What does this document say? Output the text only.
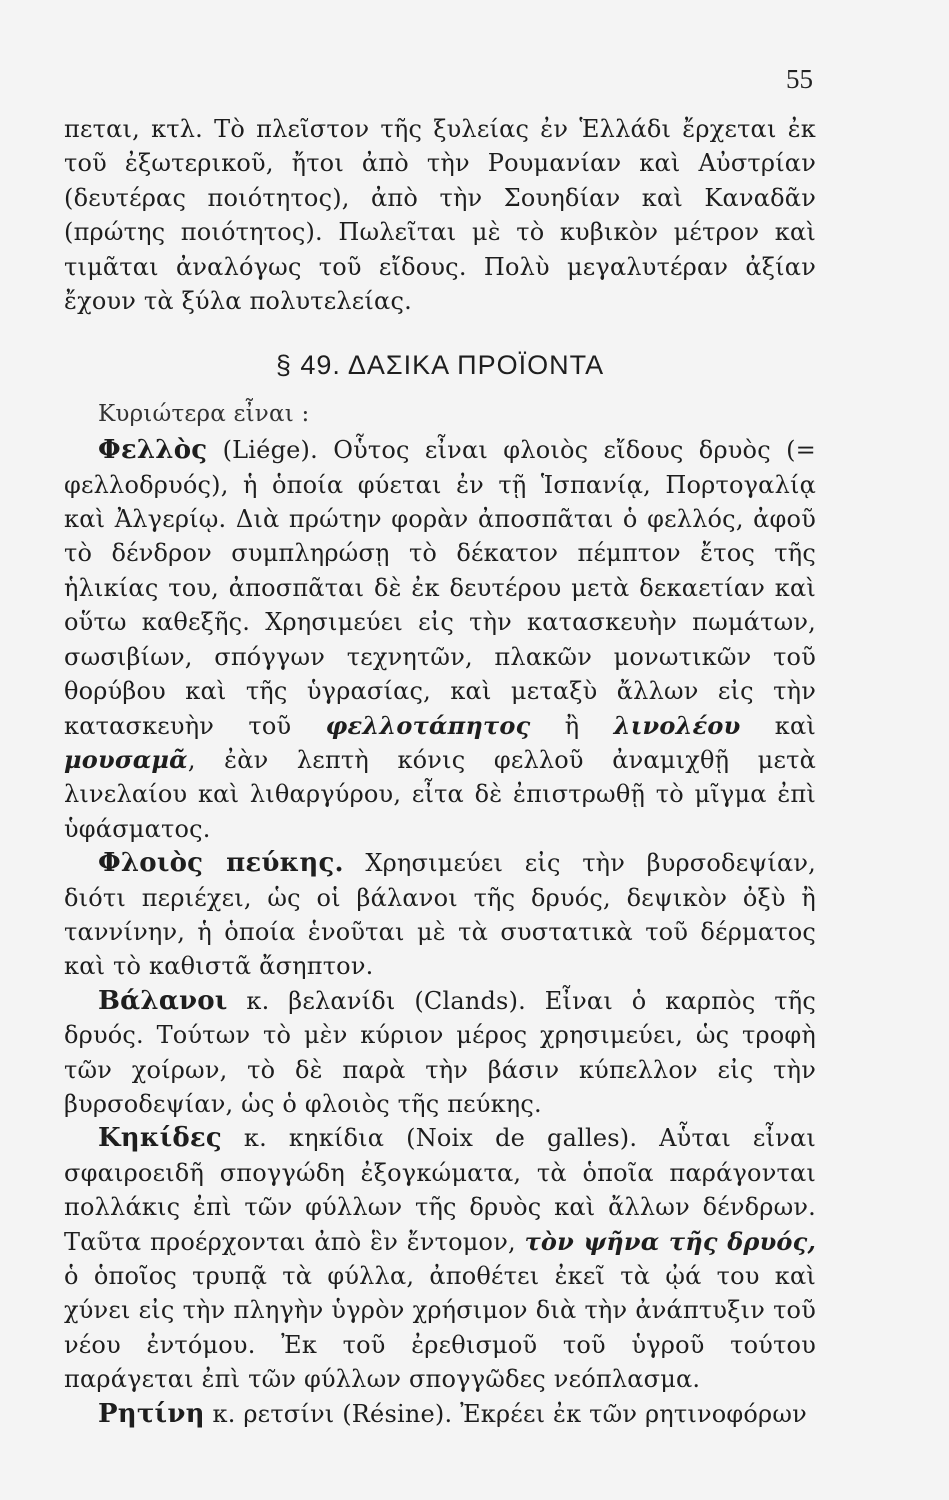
55

πεται, κτλ. Τὸ πλεῖστον τῆς ξυλείας ἐν Ἑλλάδι ἔρχεται ἐκ τοῦ ἐξωτερικοῦ, ἤτοι ἀπὸ τὴν Ρουμανίαν καὶ Αὐστρίαν (δευτέρας ποιότητος), ἀπὸ τὴν Σουηδίαν καὶ Καναδᾶν (πρώτης ποιότητος). Πωλεῖται μὲ τὸ κυβικὸν μέτρον καὶ τιμᾶται ἀναλόγως τοῦ εἴδους. Πολὺ μεγαλυτέραν ἀξίαν ἔχουν τὰ ξύλα πολυτελείας.

§ 49. ΔΑΣΙΚΑ ΠΡΟΪΟΝΤΑ

Κυριώτερα εἶναι :

Φελλὸς (Liége). Οὗτος εἶναι φλοιὸς εἴδους δρυὸς (= φελλοδρυός), ἡ ὁποία φύεται ἐν τῇ Ἱσπανίᾳ, Πορτογαλίᾳ καὶ Ἀλγερίῳ. Διὰ πρώτην φορὰν ἀποσπᾶται ὁ φελλός, ἀφοῦ τὸ δένδρον συμπληρώσῃ τὸ δέκατον πέμπτον ἔτος τῆς ἡλικίας του, ἀποσπᾶται δὲ ἐκ δευτέρου μετὰ δεκαετίαν καὶ οὕτω καθεξῆς. Χρησιμεύει εἰς τὴν κατασκευὴν πωμάτων, σωσιβίων, σπόγγων τεχνητῶν, πλακῶν μονωτικῶν τοῦ θορύβου καὶ τῆς ὑγρασίας, καὶ μεταξὺ ἄλλων εἰς τὴν κατασκευὴν τοῦ φελλοτάπητος ἢ λινολέου καὶ μουσαμᾶ, ἐὰν λεπτὴ κόνις φελλοῦ ἀναμιχθῇ μετὰ λινελαίου καὶ λιθαργύρου, εἶτα δὲ ἐπιστρωθῇ τὸ μῖγμα ἐπὶ ὑφάσματος.

Φλοιὸς πεύκης. Χρησιμεύει εἰς τὴν βυρσοδεψίαν, διότι περιέχει, ὡς οἱ βάλανοι τῆς δρυός, δεψικὸν ὀξὺ ἢ ταννίνην, ἡ ὁποία ἑνοῦται μὲ τὰ συστατικὰ τοῦ δέρματος καὶ τὸ καθιστᾶ ἄσηπτον.

Βάλανοι κ. βελανίδι (Clands). Εἶναι ὁ καρπὸς τῆς δρυός. Τούτων τὸ μὲν κύριον μέρος χρησιμεύει, ὡς τροφὴ τῶν χοίρων, τὸ δὲ παρὰ τὴν βάσιν κύπελλον εἰς τὴν βυρσοδεψίαν, ὡς ὁ φλοιὸς τῆς πεύκης.

Κηκίδες κ. κηκίδια (Noix de galles). Αὗται εἶναι σφαιροειδῆ σπογγώδη ἐξογκώματα, τὰ ὁποῖα παράγονται πολλάκις ἐπὶ τῶν φύλλων τῆς δρυὸς καὶ ἄλλων δένδρων. Ταῦτα προέρχονται ἀπὸ ἓν ἔντομον, τὸν ψῆνα τῆς δρυός, ὁ ὁποῖος τρυπᾷ τὰ φύλλα, ἀποθέτει ἐκεῖ τὰ ᾠά του καὶ χύνει εἰς τὴν πληγὴν ὑγρὸν χρήσιμον διὰ τὴν ἀνάπτυξιν τοῦ νέου ἐντόμου. Ἐκ τοῦ ἐρεθισμοῦ τοῦ ὑγροῦ τούτου παράγεται ἐπὶ τῶν φύλλων σπογγῶδες νεόπλασμα.

Ρητίνη κ. ρετσίνι (Résine). Ἐκρέει ἐκ τῶν ρητινοφόρων
